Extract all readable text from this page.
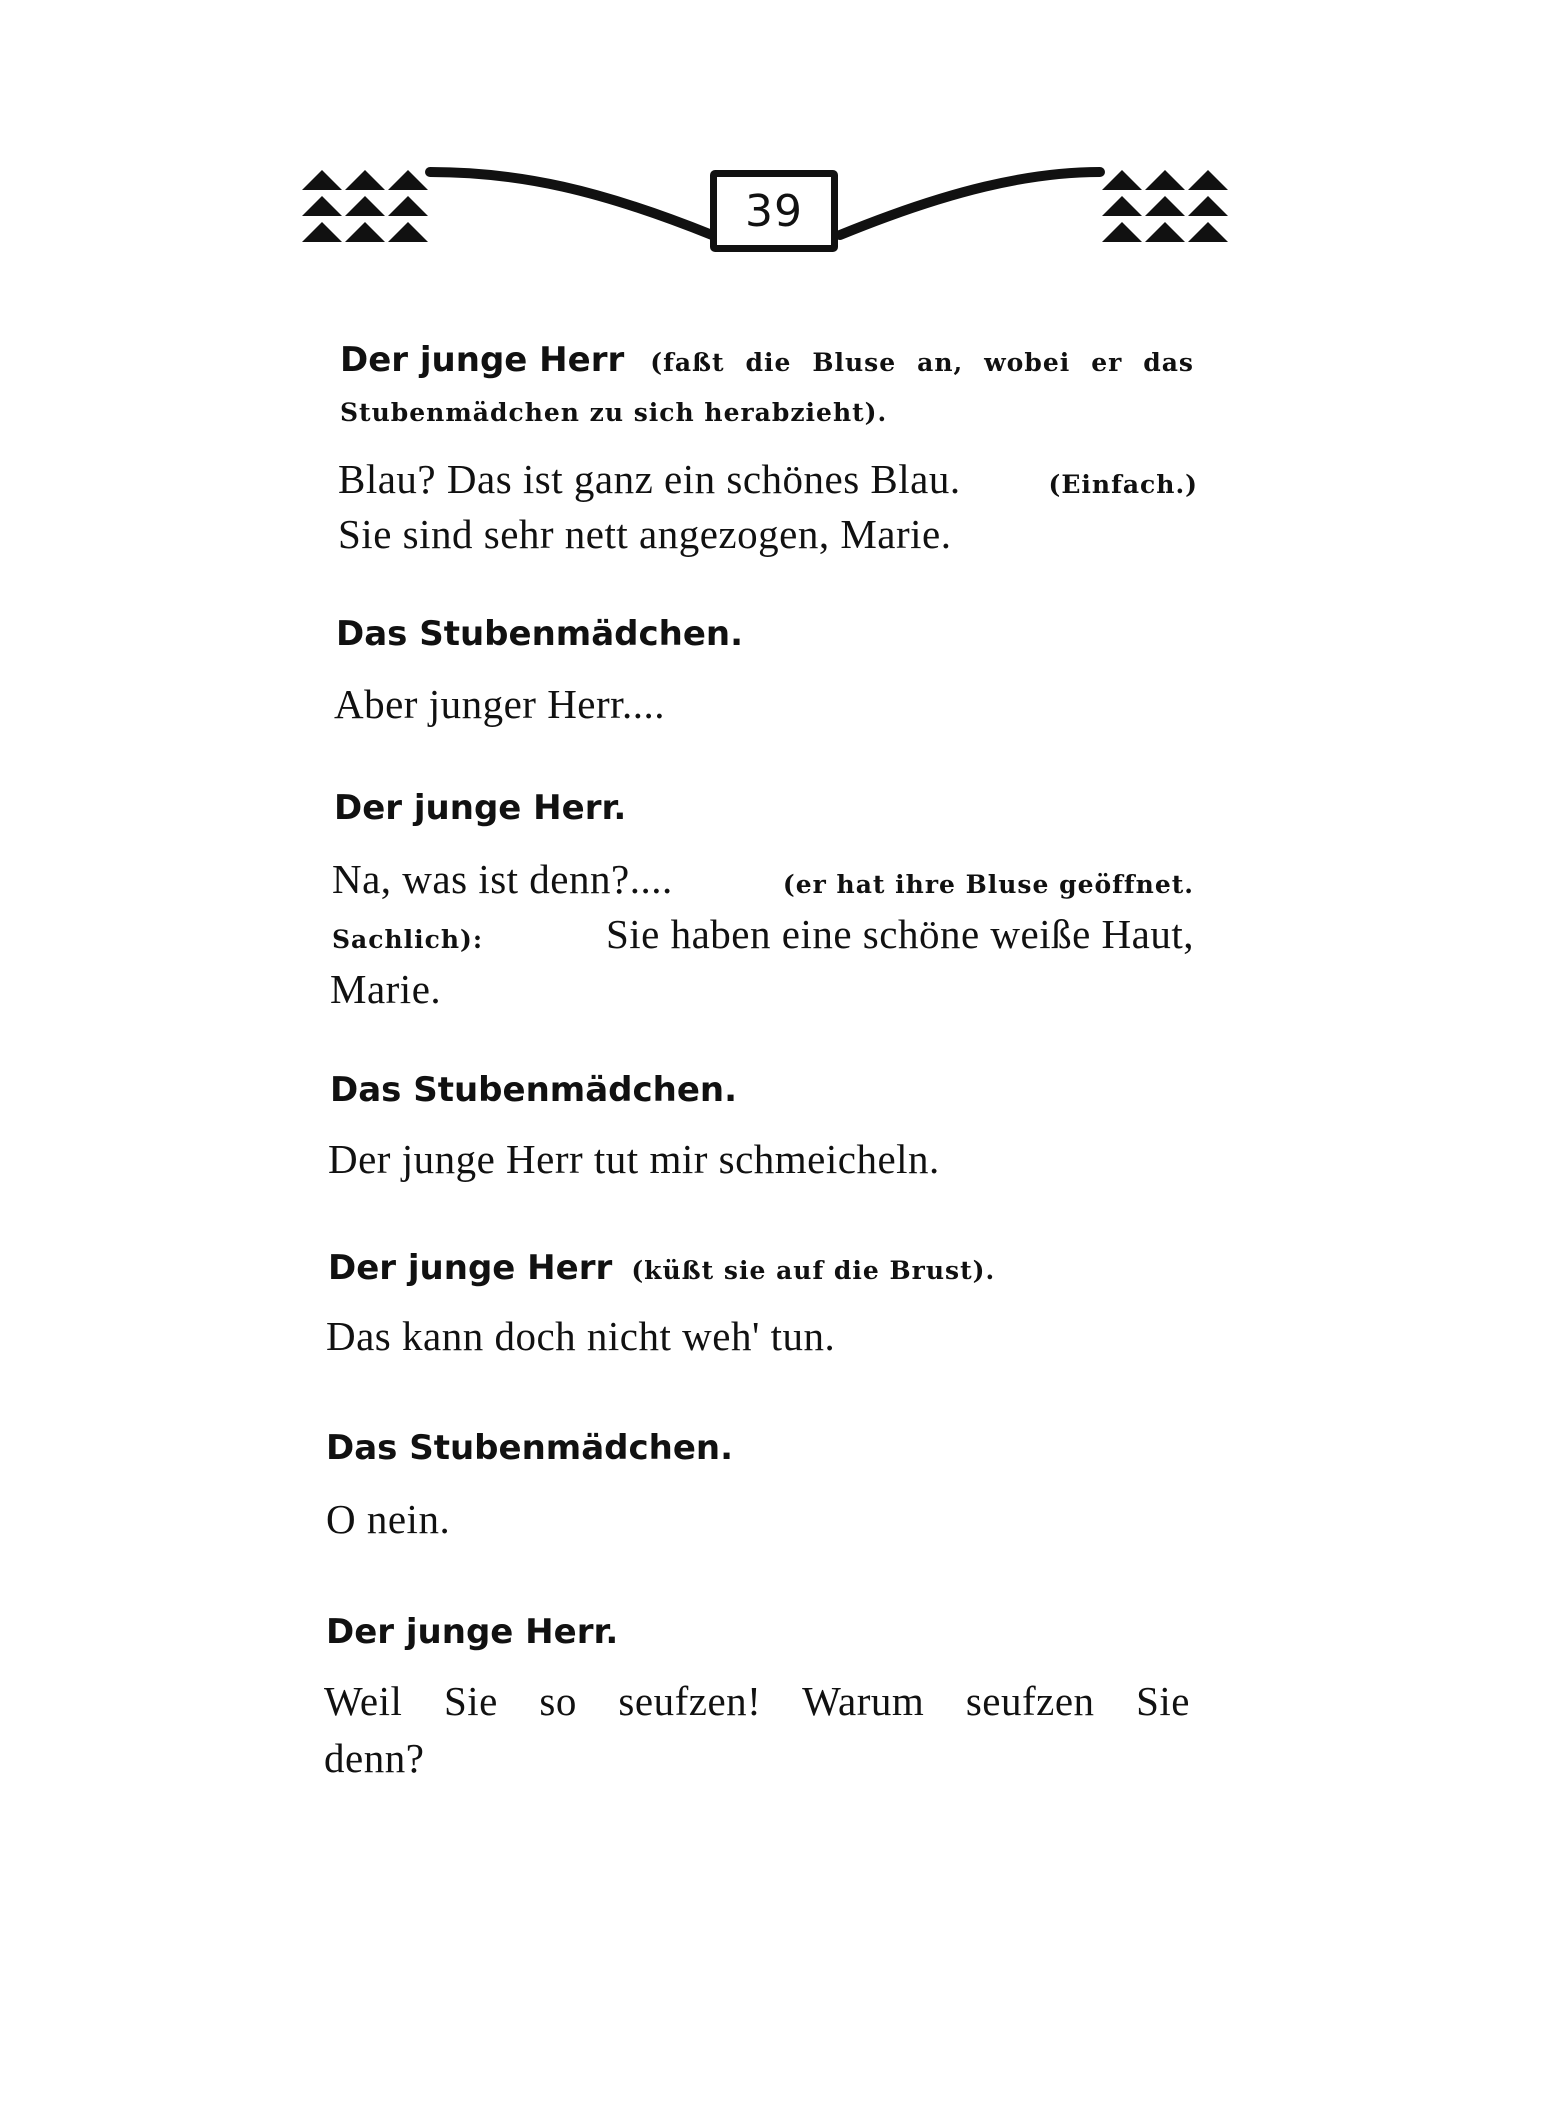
39
Der junge Herr (faßt die Bluse an, wobei er das
Stubenmädchen zu sich herabzieht).
Blau? Das ist ganz ein schönes Blau.	(Einfach.)
Sie sind sehr nett angezogen, Marie.
Das Stubenmädchen.
Aber junger Herr....
Der junge Herr.
Na, was ist denn?....	(er hat ihre Bluse geöffnet.
Sachlich):	Sie haben eine schöne weiße Haut,
Marie.
Das Stubenmädchen.
Der junge Herr tut mir schmeicheln.
Der junge Herr (küßt sie auf die Brust).
Das kann doch nicht weh' tun.
Das Stubenmädchen.
O nein.
Der junge Herr.
Weil Sie so seufzen! Warum seufzen Sie
denn?
